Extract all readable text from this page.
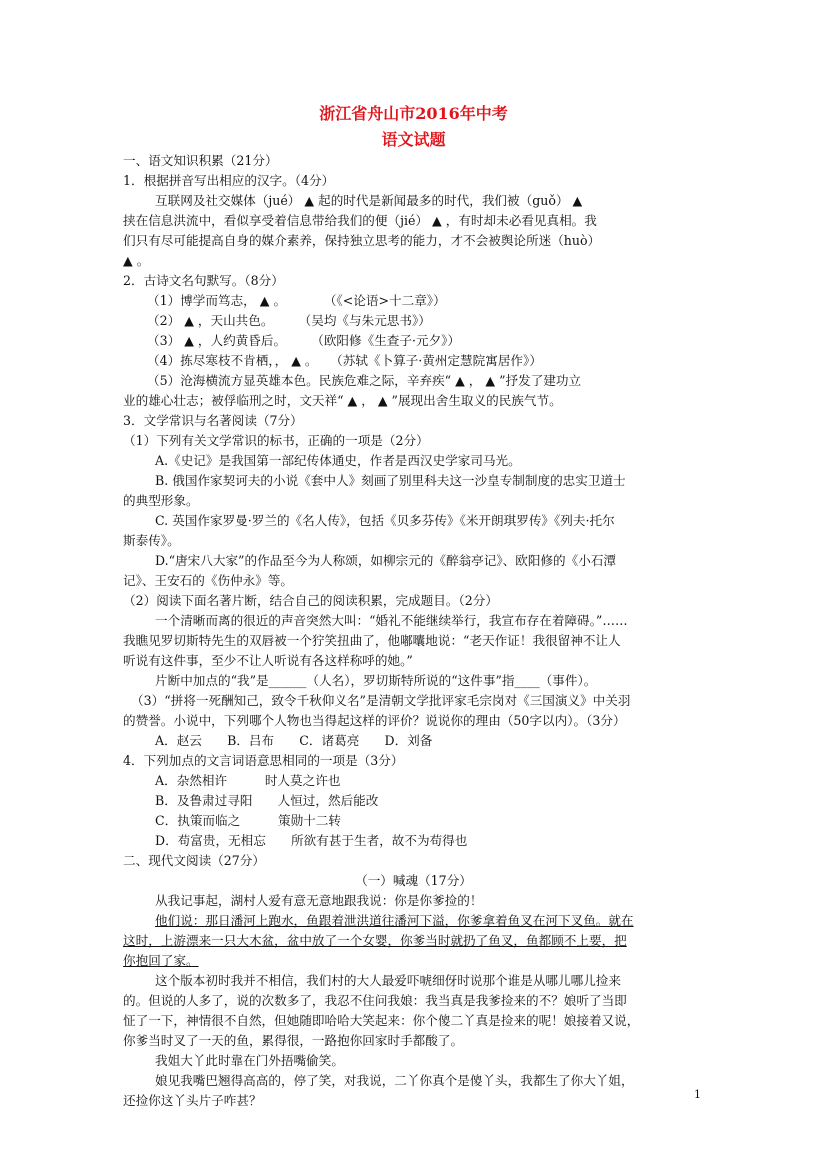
浙江省舟山市2016年中考
语文试题
一、语文知识积累（21分）
1．根据拼音写出相应的汉字。（4分）
互联网及社交媒体（jué） ▲ 起的时代是新闻最多的时代，我们被（guǒ） ▲
挟在信息洪流中，看似享受着信息带给我们的便（jié） ▲ ，有时却未必看见真相。我
们只有尽可能提高自身的媒介素养，保持独立思考的能力，才不会被舆论所迷（huò）
▲ 。
2．古诗文名句默写。（8分）
（1）博学而笃志， ▲ 。　　　　（《<论语>十二章》）
（2） ▲ ，天山共色。　　　（吴均《与朱元思书》）
（3） ▲ ，人约黄昏后。　　　（欧阳修《生查子·元夕》）
（4）拣尽寒枝不肯栖，， ▲ 。　　（苏轼《卜算子·黄州定慧院寓居作》）
（5）沧海横流方显英雄本色。民族危难之际，辛弃疾“ ▲ ， ▲ ”抒发了建功立
业的雄心壮志；被俘临刑之时，文天祥“ ▲ ， ▲ ”展现出舍生取义的民族气节。
3．文学常识与名著阅读（7分）
（1）下列有关文学常识的标书，正确的一项是（2分）
A.《史记》是我国第一部纪传体通史，作者是西汉史学家司马光。
B. 俄国作家契诃夫的小说《套中人》刻画了别里科夫这一沙皇专制制度的忠实卫道士
的典型形象。
C. 英国作家罗曼·罗兰的《名人传》，包括《贝多芬传》《米开朗琪罗传》《列夫·托尔
斯泰传》。
D.“唐宋八大家”的作品至今为人称颂，如柳宗元的《醉翁亭记》、欧阳修的《小石潭
记》、王安石的《伤仲永》等。
（2）阅读下面名著片断，结合自己的阅读积累，完成题目。（2分）
一个清晰而离的很近的声音突然大叫：“婚礼不能继续举行，我宣布存在着障碍。”……
我瞧见罗切斯特先生的双唇被一个狞笑扭曲了，他嘟囔地说：“老天作证！我很留神不让人
听说有这件事，至少不让人听说有各这样称呼的她。”
片断中加点的“我”是______（人名），罗切斯特所说的“这件事”指____（事件）。
（3）“拼将一死酬知己，致令千秋仰义名”是清朝文学批评家毛宗岗对《三国演义》中关羽
的赞誉。小说中，下列哪个人物也当得起这样的评价？说说你的理由（50字以内）。（3分）
A．赵云　　B．吕布　　C．诸葛亮　　D．刘备
4．下列加点的文言词语意思相同的一项是（3分）
A．杂然相许　　　时人莫之许也
B．及鲁肃过寻阳　　人恒过，然后能改
C．执策而临之　　　策勋十二转
D．苟富贵，无相忘　　所欲有甚于生者，故不为苟得也
二、现代文阅读（27分）
（一）喊魂（17分）
从我记事起，湖村人爱有意无意地跟我说：你是你爹捡的！
他们说：那日潘河上跑水，鱼跟着泄洪道往潘河下溢，你爹拿着鱼叉在河下叉鱼。就在
这时，上游漂来一只大木盆，盆中放了一个女婴，你爹当时就扔了鱼叉，鱼都顾不上要，把
你抱回了家。
这个版本初时我并不相信，我们村的大人最爱吓唬细伢时说那个谁是从哪儿哪儿捡来
的。但说的人多了，说的次数多了，我忍不住问我娘：我当真是我爹捡来的不？娘听了当即
怔了一下，神情很不自然，但她随即哈哈大笑起来：你个傻二丫真是捡来的呢！娘接着又说，
你爹当时叉了一天的鱼，累得很，一路抱你回家时手都酸了。
我姐大丫此时靠在门外捂嘴偷笑。
娘见我嘴巴翘得高高的，停了笑，对我说，二丫你真个是傻丫头，我都生了你大丫姐，
还捡你这丫头片子咋甚？	1
